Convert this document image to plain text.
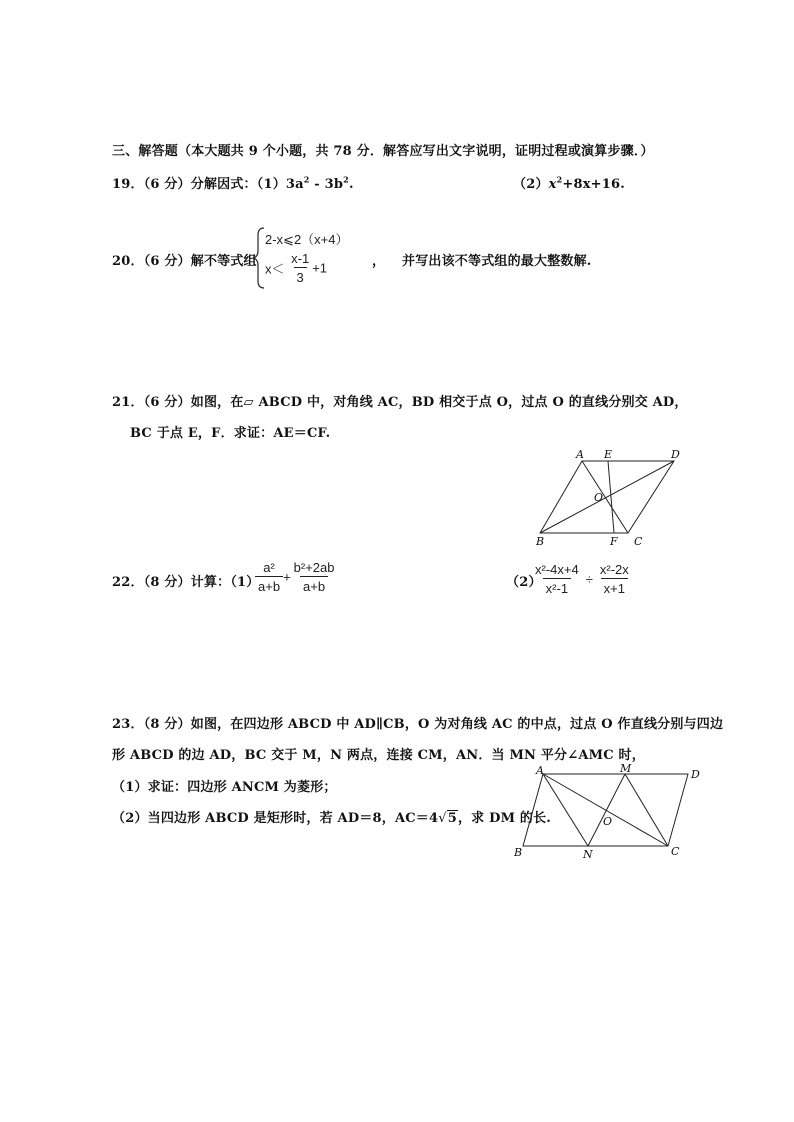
三、解答题（本大题共 9 个小题，共 78 分．解答应写出文字说明，证明过程或演算步骤．）
19．（6 分）分解因式：$(1)3a^2 - 3b^2$.	$(2)x^2+8x+16$.
20．（6 分）解不等式组
2-x⩽2（x+4）
$x< \frac{x-1}{3} +1$	， 并写出该不等式组的最大整数解.
21．（6 分）如图，在▱ ABCD 中，对角线 AC，BD 相交于点 O，过点 O 的直线分别交 AD，
BC 于点 E，F．求证：AE＝CF.
A E	D
O
B	F C
22．（8 分）计算：（1）
$\frac{\text{a²}}{a+b} + \frac{\text{b²+2ab}}{a+b}$	（2）
$\frac{\text{x²-4x+4}}{\text{x²-1}} \div \frac{\text{x²-2x}}{x+1}$
23．（8 分）如图，在四边形 ABCD 中 AD∥CB，O 为对角线 AC 的中点，过点 O 作直线分别与四边
形 ABCD 的边 AD，BC 交于 M，N 两点，连接 CM，AN．当 MN 平分∠AMC 时，
（1）求证：四边形 ANCM 为菱形；
（2）当四边形 ABCD 是矩形时，若 AD＝8，AC＝4√5，求 DM 的长.
A	M	D
O
B	N	C
